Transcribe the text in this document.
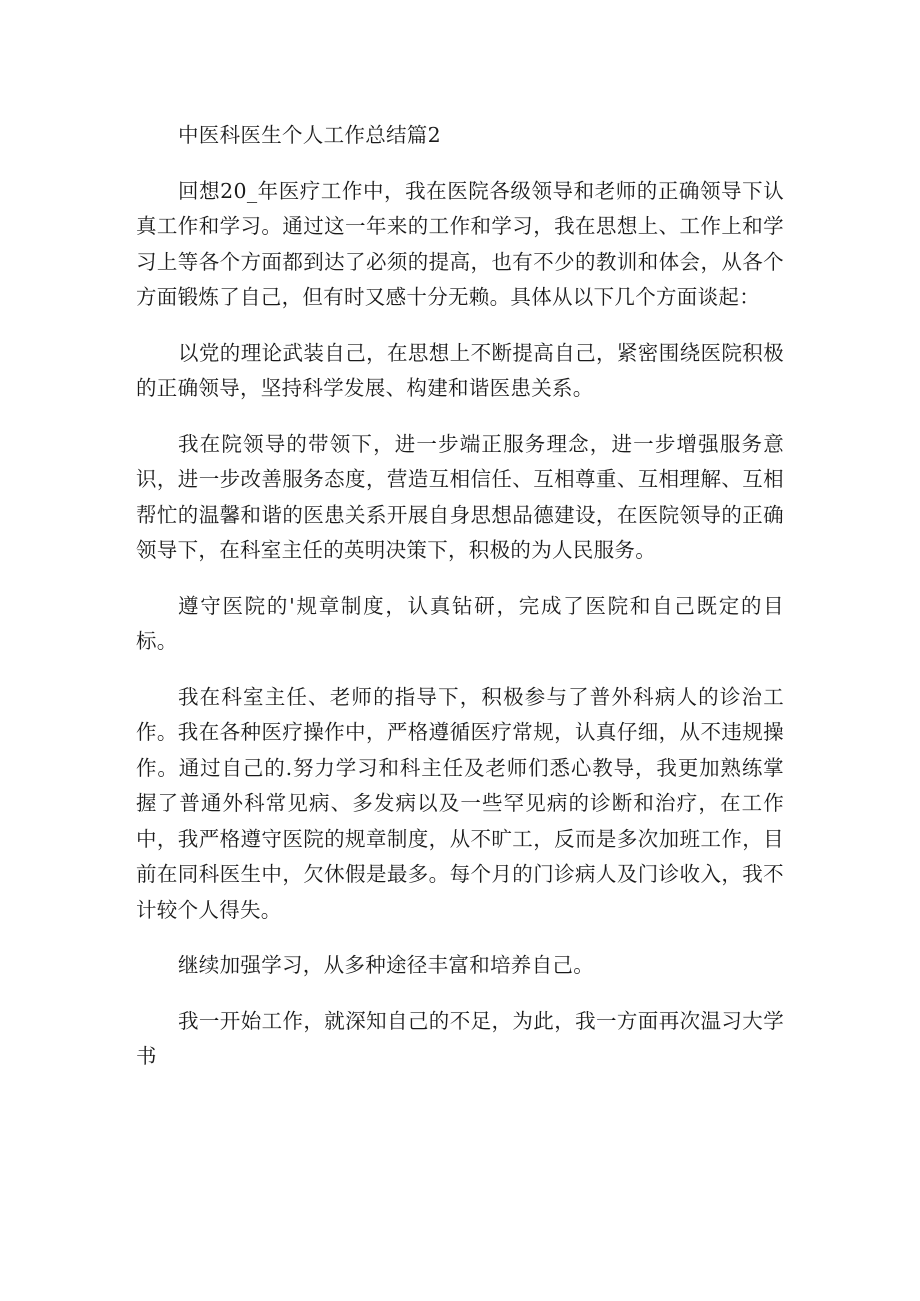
中医科医生个人工作总结篇2

回想20_年医疗工作中，我在医院各级领导和老师的正确领导下认真工作和学习。通过这一年来的工作和学习，我在思想上、工作上和学习上等各个方面都到达了必须的提高，也有不少的教训和体会，从各个方面锻炼了自己，但有时又感十分无赖。具体从以下几个方面谈起：

以党的理论武装自己，在思想上不断提高自己，紧密围绕医院积极的正确领导，坚持科学发展、构建和谐医患关系。

我在院领导的带领下，进一步端正服务理念，进一步增强服务意识，进一步改善服务态度，营造互相信任、互相尊重、互相理解、互相帮忙的温馨和谐的医患关系开展自身思想品德建设，在医院领导的正确领导下，在科室主任的英明决策下，积极的为人民服务。

遵守医院的'规章制度，认真钻研，完成了医院和自己既定的目标。

我在科室主任、老师的指导下，积极参与了普外科病人的诊治工作。我在各种医疗操作中，严格遵循医疗常规，认真仔细，从不违规操作。通过自己的.努力学习和科主任及老师们悉心教导，我更加熟练掌握了普通外科常见病、多发病以及一些罕见病的诊断和治疗，在工作中，我严格遵守医院的规章制度，从不旷工，反而是多次加班工作，目前在同科医生中，欠休假是最多。每个月的门诊病人及门诊收入，我不计较个人得失。

继续加强学习，从多种途径丰富和培养自己。

我一开始工作，就深知自己的不足，为此，我一方面再次温习大学书
